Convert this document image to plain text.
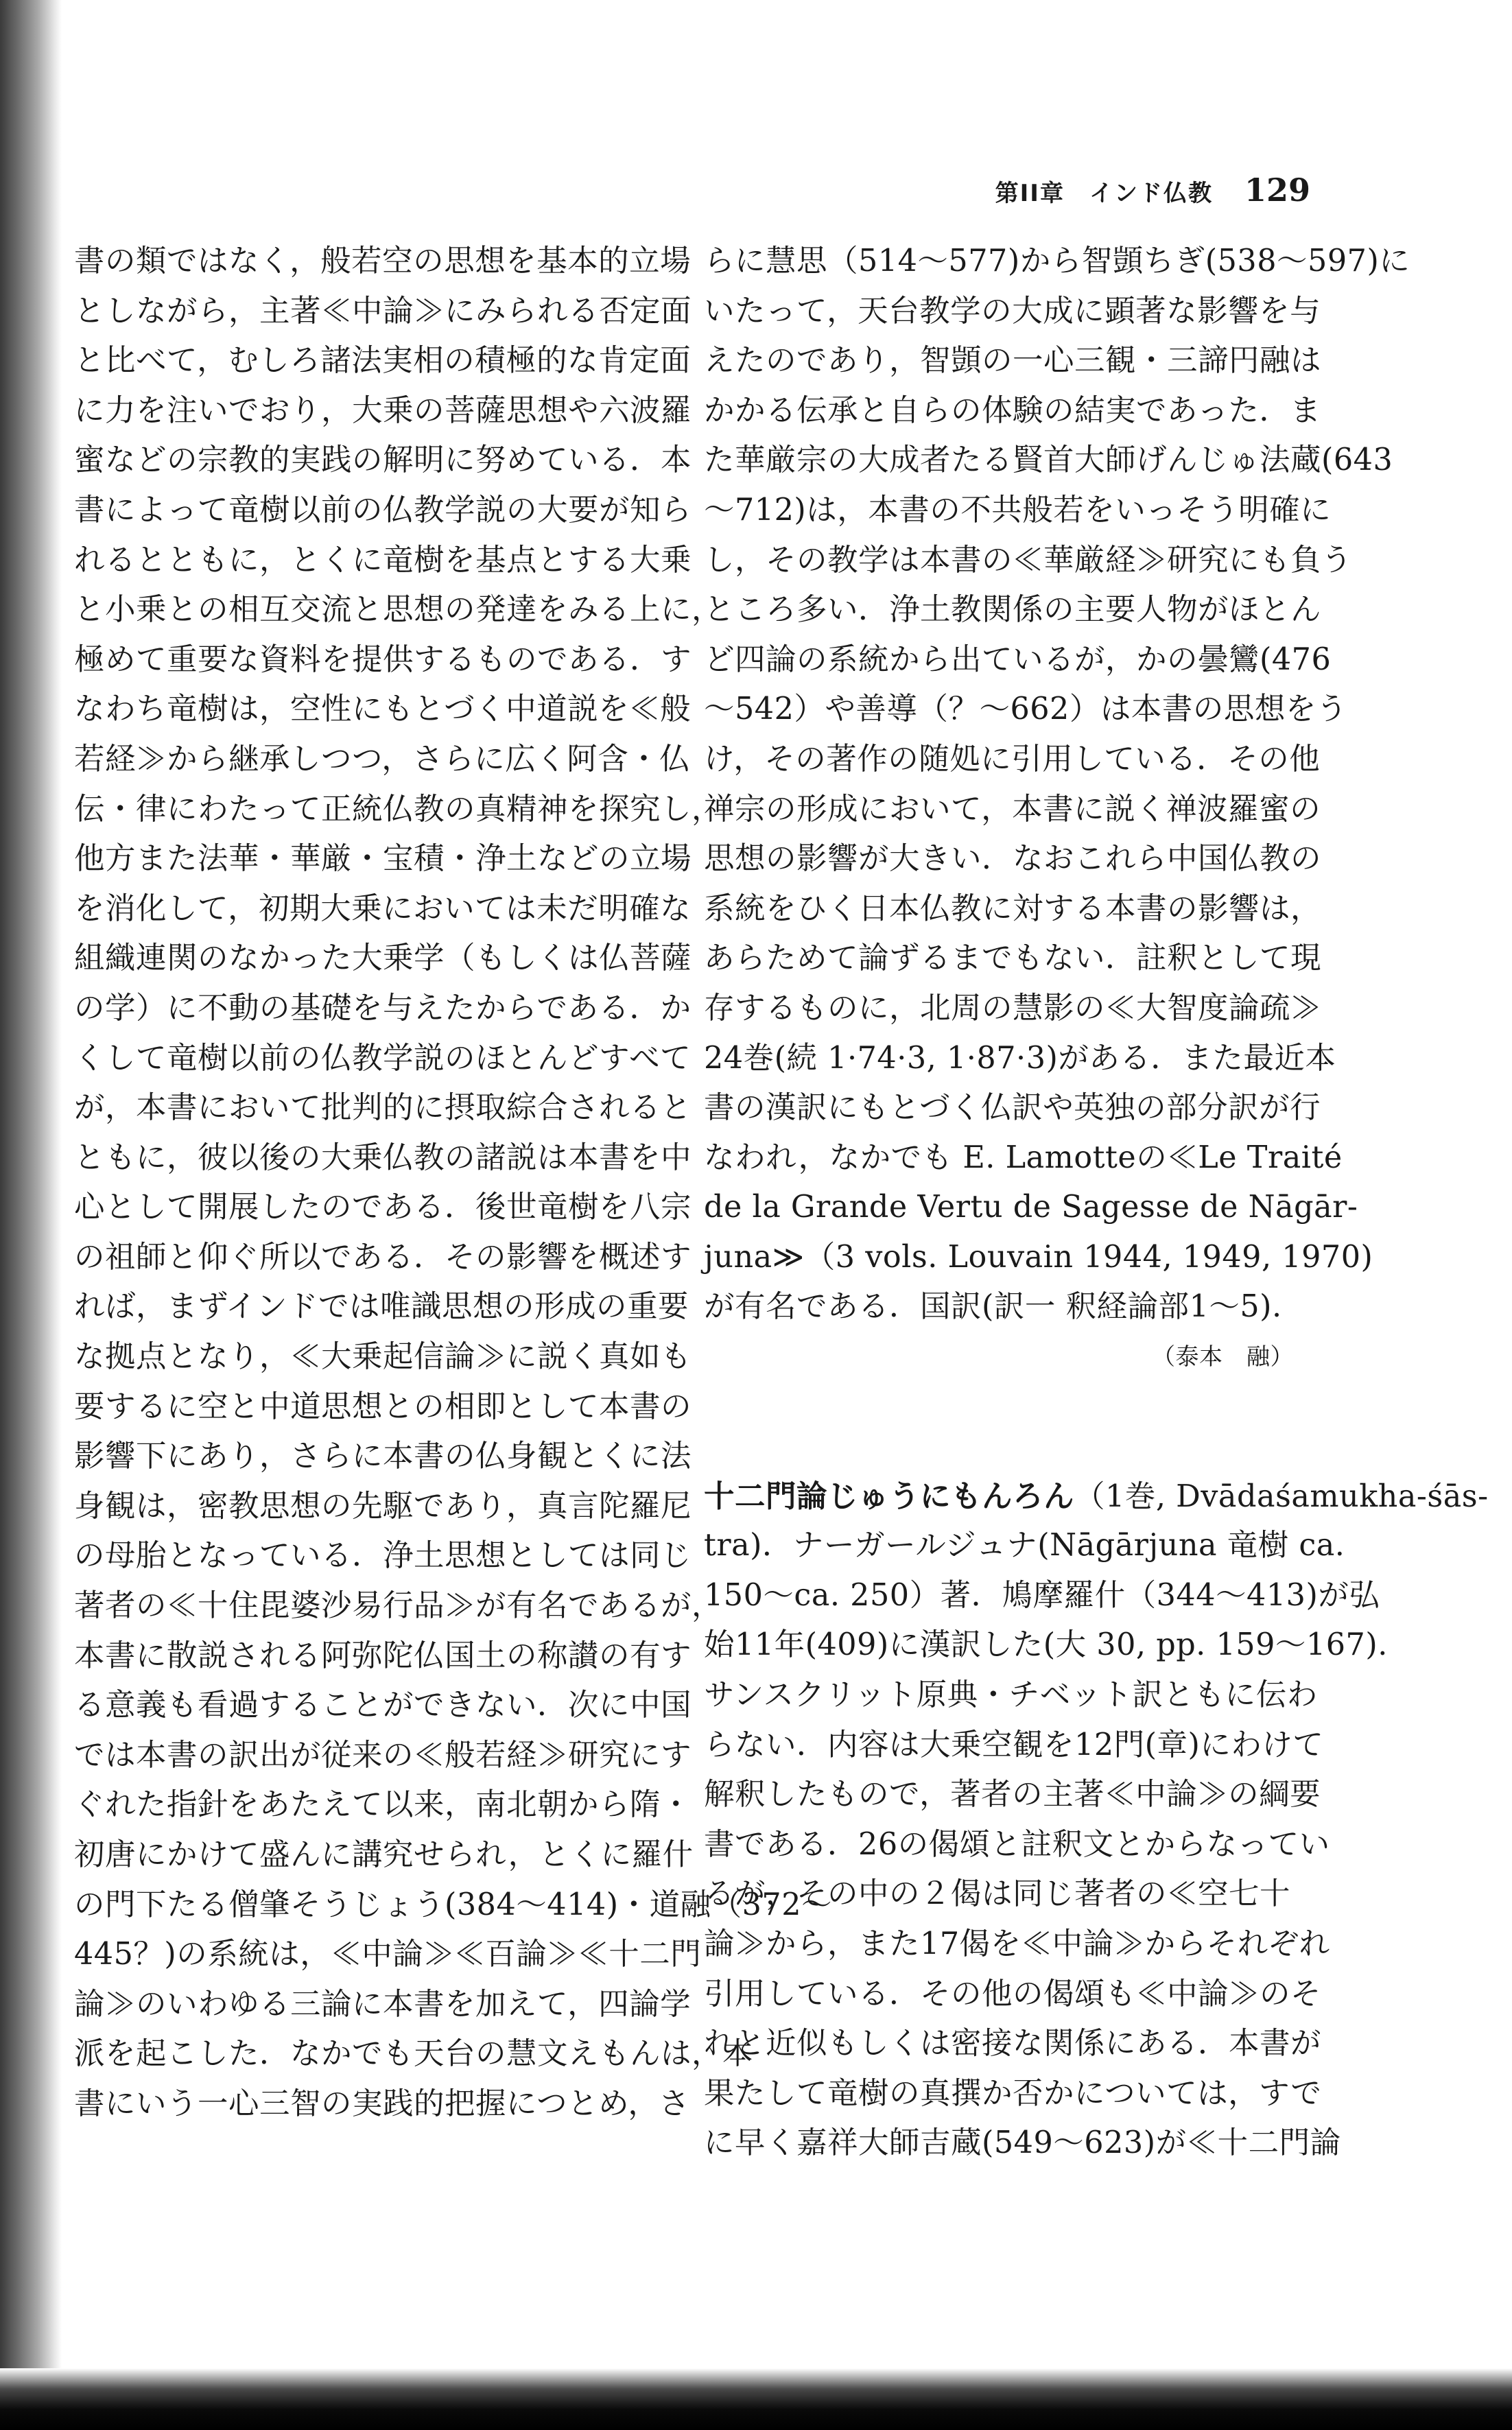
第II章　インド仏教 129
書の類ではなく，般若空の思想を基本的立場
としながら，主著≪中論≫にみられる否定面
と比べて，むしろ諸法実相の積極的な肯定面
に力を注いでおり，大乗の菩薩思想や六波羅
蜜などの宗教的実践の解明に努めている．本
書によって竜樹以前の仏教学説の大要が知ら
れるとともに，とくに竜樹を基点とする大乗
と小乗との相互交流と思想の発達をみる上に，
極めて重要な資料を提供するものである．す
なわち竜樹は，空性にもとづく中道説を≪般
若経≫から継承しつつ，さらに広く阿含・仏
伝・律にわたって正統仏教の真精神を探究し，
他方また法華・華厳・宝積・浄土などの立場
を消化して，初期大乗においては未だ明確な
組織連関のなかった大乗学（もしくは仏菩薩
の学）に不動の基礎を与えたからである．か
くして竜樹以前の仏教学説のほとんどすべて
が，本書において批判的に摂取綜合されると
ともに，彼以後の大乗仏教の諸説は本書を中
心として開展したのである．後世竜樹を八宗
の祖師と仰ぐ所以である．その影響を概述す
れば，まずインドでは唯識思想の形成の重要
な拠点となり，≪大乗起信論≫に説く真如も
要するに空と中道思想との相即として本書の
影響下にあり，さらに本書の仏身観とくに法
身観は，密教思想の先駆であり，真言陀羅尼
の母胎となっている．浄土思想としては同じ
著者の≪十住毘婆沙易行品≫が有名であるが，
本書に散説される阿弥陀仏国土の称讃の有す
る意義も看過することができない．次に中国
では本書の訳出が従来の≪般若経≫研究にす
ぐれた指針をあたえて以来，南北朝から隋・
初唐にかけて盛んに講究せられ，とくに羅什
の門下たる僧肇そうじょう(384～414)・道融（372～
445？)の系統は，≪中論≫≪百論≫≪十二門
論≫のいわゆる三論に本書を加えて，四論学
派を起こした．なかでも天台の慧文えもんは，本
書にいう一心三智の実践的把握につとめ，さ
らに慧思（514～577)から智顗ちぎ(538～597)に
いたって，天台教学の大成に顕著な影響を与
えたのであり，智顗の一心三観・三諦円融は
かかる伝承と自らの体験の結実であった．ま
た華厳宗の大成者たる賢首大師げんじゅ法蔵(643
～712)は，本書の不共般若をいっそう明確に
し，その教学は本書の≪華厳経≫研究にも負う
ところ多い．浄土教関係の主要人物がほとん
ど四論の系統から出ているが，かの曇鸞(476
～542）や善導（？～662）は本書の思想をう
け，その著作の随処に引用している．その他
禅宗の形成において，本書に説く禅波羅蜜の
思想の影響が大きい．なおこれら中国仏教の
系統をひく日本仏教に対する本書の影響は，
あらためて論ずるまでもない．註釈として現
存するものに，北周の慧影の≪大智度論疏≫
24巻(続 1·74·3, 1·87·3)がある．また最近本
書の漢訳にもとづく仏訳や英独の部分訳が行
なわれ，なかでも E. Lamotteの≪Le Traité
de la Grande Vertu de Sagesse de Nāgār-
juna≫（3 vols. Louvain 1944, 1949, 1970)
が有名である．国訳(訳一 釈経論部1～5).
（泰本　融）
十二門論じゅうにもんろん（1巻, Dvādaśamukha-śās-
tra)．ナーガールジュナ(Nāgārjuna 竜樹 ca.
150～ca. 250）著．鳩摩羅什（344～413)が弘
始11年(409)に漢訳した(大 30, pp. 159～167).
サンスクリット原典・チベット訳ともに伝わ
らない．内容は大乗空観を12門(章)にわけて
解釈したもので，著者の主著≪中論≫の綱要
書である．26の偈頌と註釈文とからなってい
るが，その中の２偈は同じ著者の≪空七十
論≫から，また17偈を≪中論≫からそれぞれ
引用している．その他の偈頌も≪中論≫のそ
れと近似もしくは密接な関係にある．本書が
果たして竜樹の真撰か否かについては，すで
に早く嘉祥大師吉蔵(549～623)が≪十二門論
